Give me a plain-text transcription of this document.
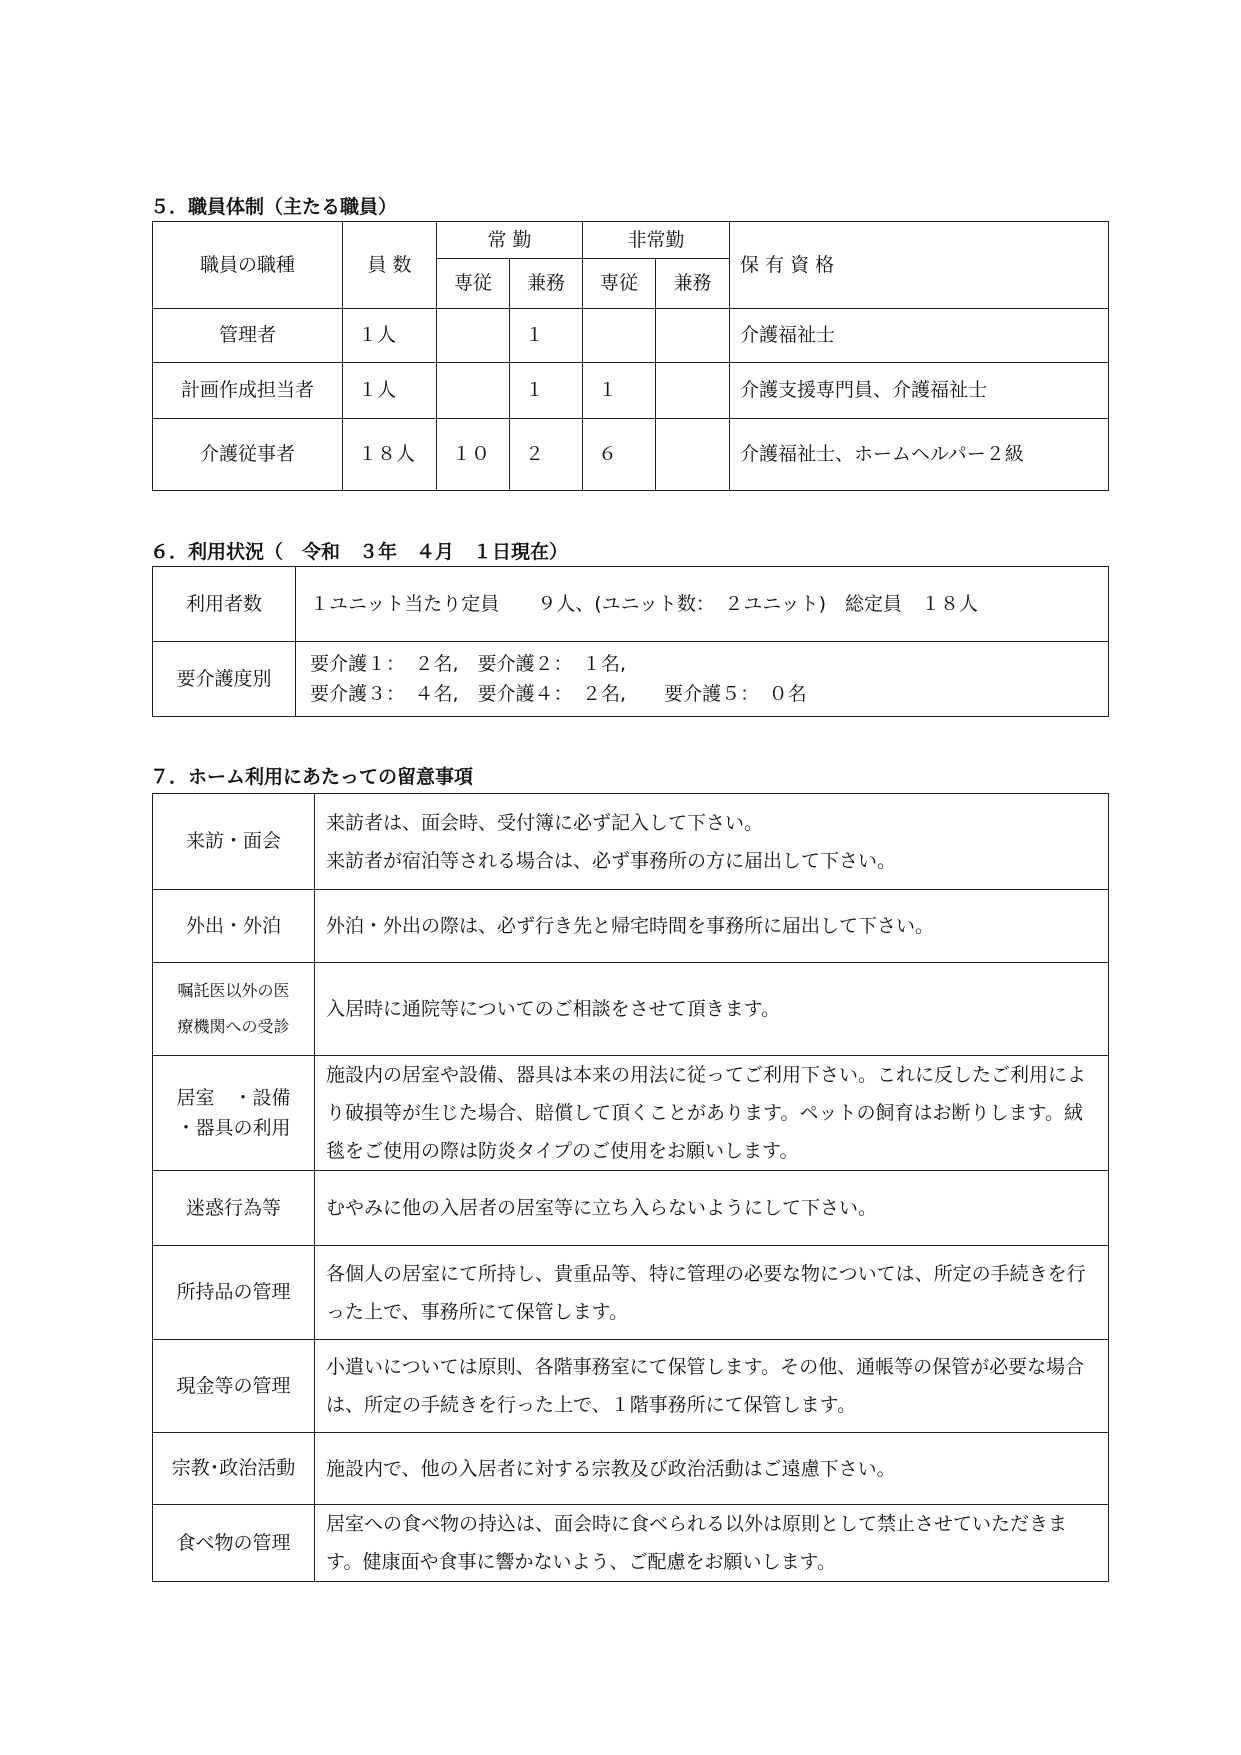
５．職員体制（主たる職員）
職員の職種	員 数	常 勤		非常勤		保 有 資 格
		専従	兼務	専従	兼務	
管理者	１人		１			介護福祉士
計画作成担当者	１人		１	１		介護支援専門員、介護福祉士
介護従事者	１８人	１０	２	６		介護福祉士、ホームヘルパー２級
６．利用状況（　令和　３年　４月　１日現在）
利用者数	１ユニット当たり定員　　９人、(ユニット数：　２ユニット)　総定員　１８人
要介護度別	要介護１：　２名,　要介護２：　１名,
要介護３：　４名,　要介護４：　２名,　　要介護５：　０名
７．ホーム利用にあたっての留意事項
来訪・面会	来訪者は、面会時、受付簿に必ず記入して下さい。
来訪者が宿泊等される場合は、必ず事務所の方に届出して下さい。

外出・外泊	外泊・外出の際は、必ず行き先と帰宅時間を事務所に届出して下さい。

嘱託医以外の医
療機関への受診	入居時に通院等についてのご相談をさせて頂きます。

居室　・設備
・器具の利用	施設内の居室や設備、器具は本来の用法に従ってご利用下さい。これに反したご利用により破損等が生じた場合、賠償して頂くことがあります。ペットの飼育はお断りします。絨毯をご使用の際は防炎タイプのご使用をお願いします。
迷惑行為等	むやみに他の入居者の居室等に立ち入らないようにして下さい。
所持品の管理	各個人の居室にて所持し、貴重品等、特に管理の必要な物については、所定の手続きを行った上で、事務所にて保管します。
現金等の管理	小遣いについては原則、各階事務室にて保管します。その他、通帳等の保管が必要な場合は、所定の手続きを行った上で、１階事務所にて保管します。
宗教･政治活動	施設内で、他の入居者に対する宗教及び政治活動はご遠慮下さい。
食べ物の管理	居室への食べ物の持込は、面会時に食べられる以外は原則として禁止させていただきます。健康面や食事に響かないよう、ご配慮をお願いします。
